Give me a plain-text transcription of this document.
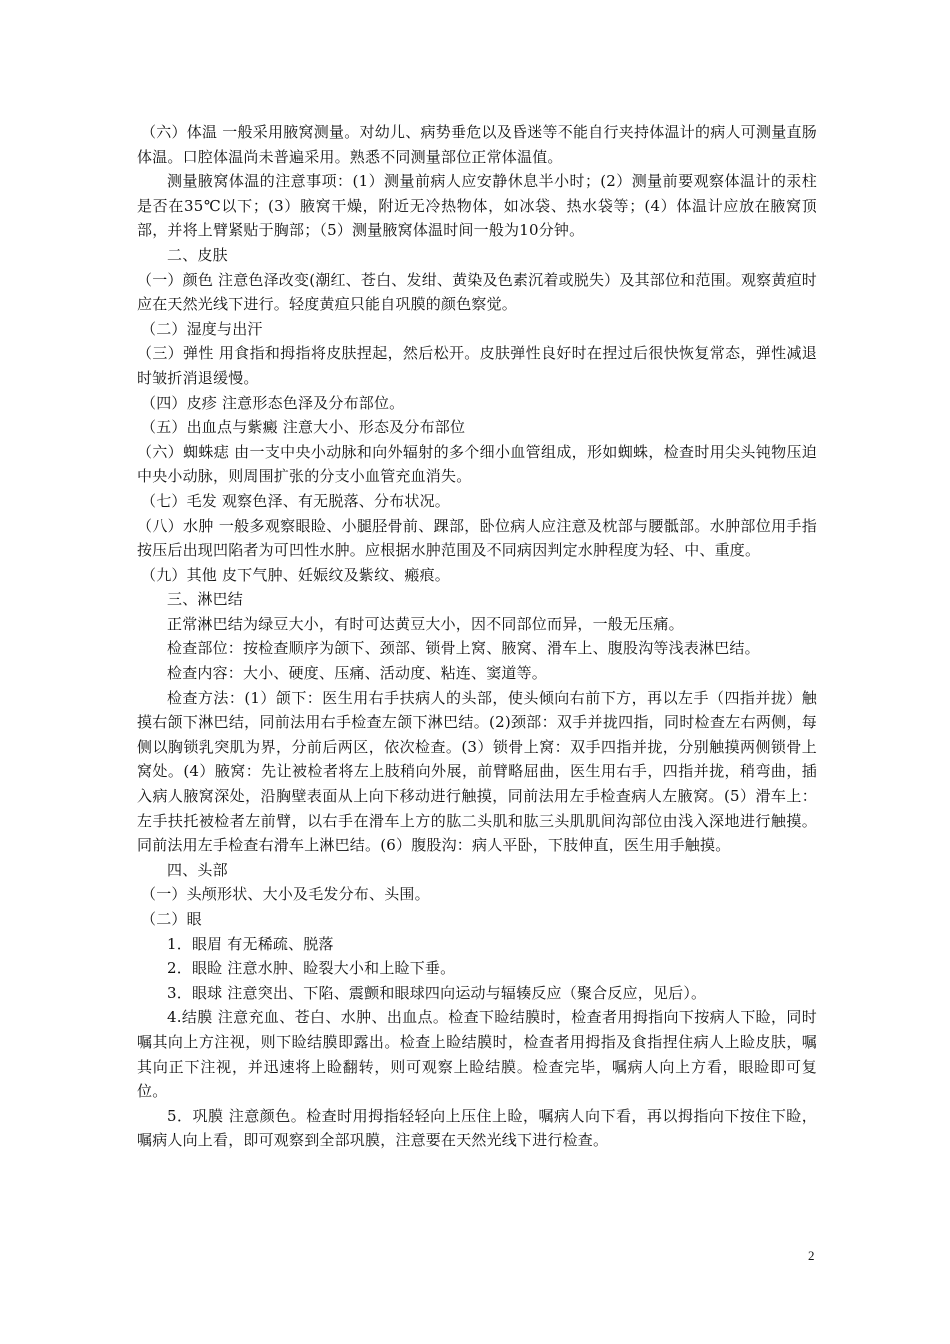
（六）体温 一般采用腋窝测量。对幼儿、病势垂危以及昏迷等不能自行夹持体温计的病人可测量直肠体温。口腔体温尚未普遍采用。熟悉不同测量部位正常体温值。

测量腋窝体温的注意事项：(1）测量前病人应安静休息半小时；(2）测量前要观察体温计的汞柱是否在35℃以下；(3）腋窝干燥，附近无冷热物体，如冰袋、热水袋等；(4）体温计应放在腋窝顶部，并将上臂紧贴于胸部；（5）测量腋窝体温时间一般为10分钟。

二、皮肤

（一）颜色 注意色泽改变(潮红、苍白、发绀、黄染及色素沉着或脱失）及其部位和范围。观察黄疸时应在天然光线下进行。轻度黄疸只能自巩膜的颜色察觉。

（二）湿度与出汗

（三）弹性 用食指和拇指将皮肤捏起，然后松开。皮肤弹性良好时在捏过后很快恢复常态，弹性减退时皱折消退缓慢。

（四）皮疹 注意形态色泽及分布部位。

（五）出血点与紫癜 注意大小、形态及分布部位

（六）蜘蛛痣 由一支中央小动脉和向外辐射的多个细小血管组成，形如蜘蛛，检查时用尖头钝物压迫中央小动脉，则周围扩张的分支小血管充血消失。

（七）毛发 观察色泽、有无脱落、分布状况。

（八）水肿 一般多观察眼睑、小腿胫骨前、踝部，卧位病人应注意及枕部与腰骶部。水肿部位用手指按压后出现凹陷者为可凹性水肿。应根据水肿范围及不同病因判定水肿程度为轻、中、重度。

（九）其他 皮下气肿、妊娠纹及紫纹、瘢痕。

三、淋巴结

正常淋巴结为绿豆大小，有时可达黄豆大小，因不同部位而异，一般无压痛。

检查部位：按检查顺序为颌下、颈部、锁骨上窝、腋窝、滑车上、腹股沟等浅表淋巴结。

检查内容：大小、硬度、压痛、活动度、粘连、窦道等。

检查方法：(1）颌下：医生用右手扶病人的头部，使头倾向右前下方，再以左手（四指并拢）触摸右颌下淋巴结，同前法用右手检查左颌下淋巴结。(2)颈部：双手并拢四指，同时检查左右两侧，每侧以胸锁乳突肌为界，分前后两区，依次检查。(3）锁骨上窝：双手四指并拢，分别触摸两侧锁骨上窝处。(4）腋窝：先让被检者将左上肢稍向外展，前臂略屈曲，医生用右手，四指并拢，稍弯曲，插入病人腋窝深处，沿胸壁表面从上向下移动进行触摸，同前法用左手检查病人左腋窝。(5）滑车上：左手扶托被检者左前臂，以右手在滑车上方的肱二头肌和肱三头肌肌间沟部位由浅入深地进行触摸。同前法用左手检查右滑车上淋巴结。(6）腹股沟：病人平卧，下肢伸直，医生用手触摸。

四、头部

（一）头颅形状、大小及毛发分布、头围。

（二）眼

1．眼眉 有无稀疏、脱落

2．眼睑 注意水肿、睑裂大小和上睑下垂。

3．眼球 注意突出、下陷、震颤和眼球四向运动与辐辏反应（聚合反应，见后）。

4.结膜 注意充血、苍白、水肿、出血点。检查下睑结膜时，检查者用拇指向下按病人下睑，同时嘱其向上方注视，则下睑结膜即露出。检查上睑结膜时，检查者用拇指及食指捏住病人上睑皮肤，嘱其向正下注视，并迅速将上睑翻转，则可观察上睑结膜。检查完毕，嘱病人向上方看，眼睑即可复位。

5．巩膜 注意颜色。检查时用拇指轻轻向上压住上睑，嘱病人向下看，再以拇指向下按住下睑，嘱病人向上看，即可观察到全部巩膜，注意要在天然光线下进行检查。

2
